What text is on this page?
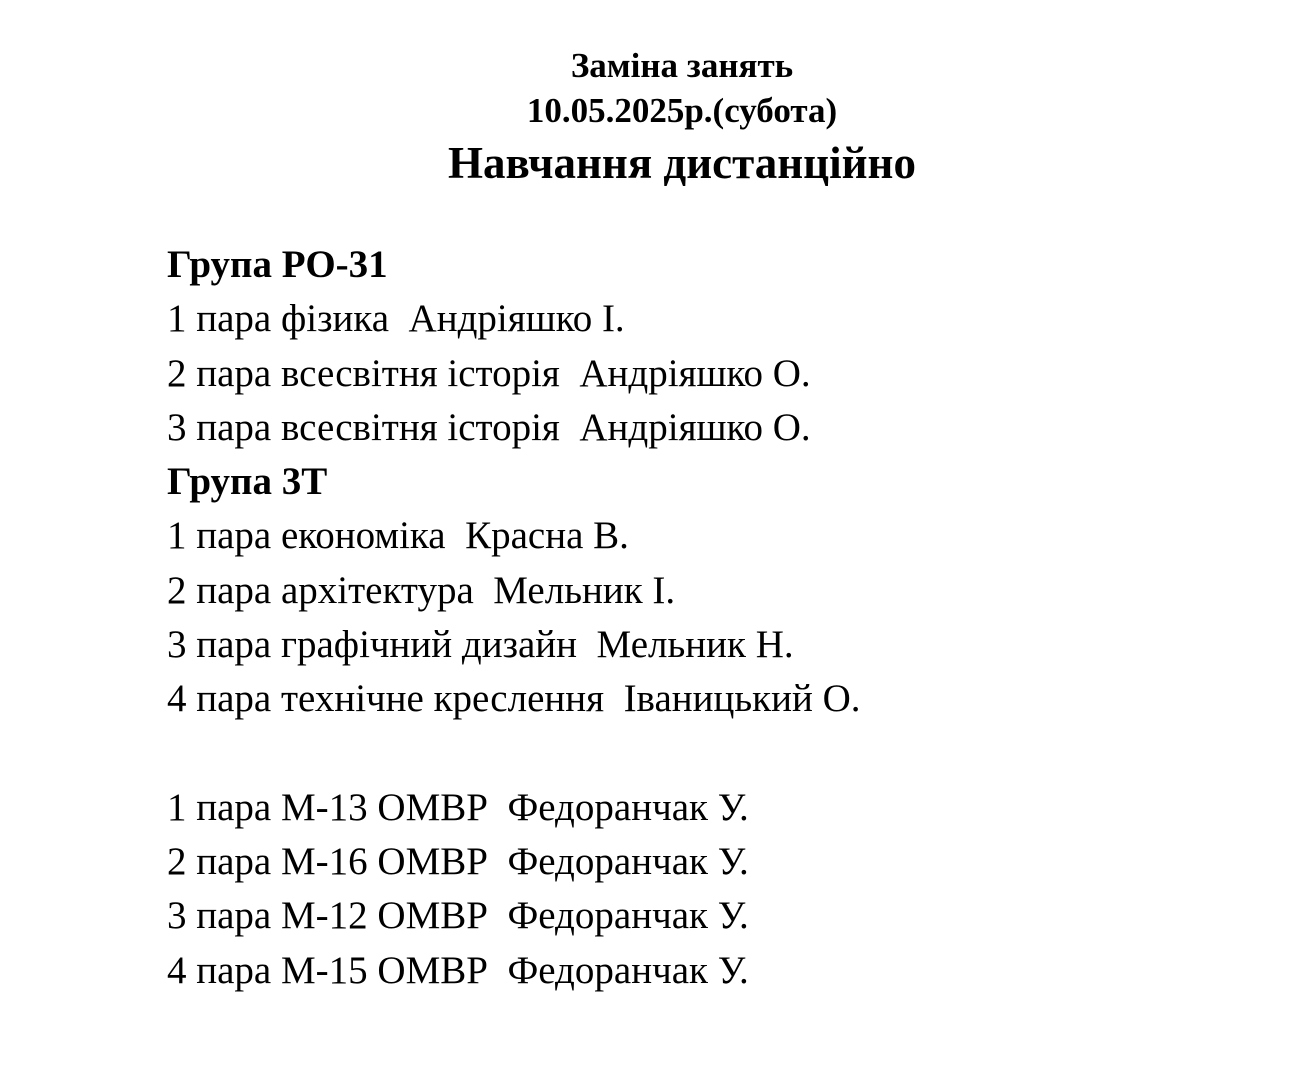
Заміна занять
10.05.2025р.(субота)
Навчання дистанційно
Група РО-31
1 пара фізика  Андріяшко І.
2 пара всесвітня історія  Андріяшко О.
3 пара всесвітня історія  Андріяшко О.
Група 3Т
1 пара економіка  Красна В.
2 пара архітектура  Мельник І.
3 пара графічний дизайн  Мельник Н.
4 пара технічне креслення  Іваницький О.
1 пара М-13 ОМВР  Федоранчак У.
2 пара М-16 ОМВР  Федоранчак У.
3 пара М-12 ОМВР  Федоранчак У.
4 пара М-15 ОМВР  Федоранчак У.
